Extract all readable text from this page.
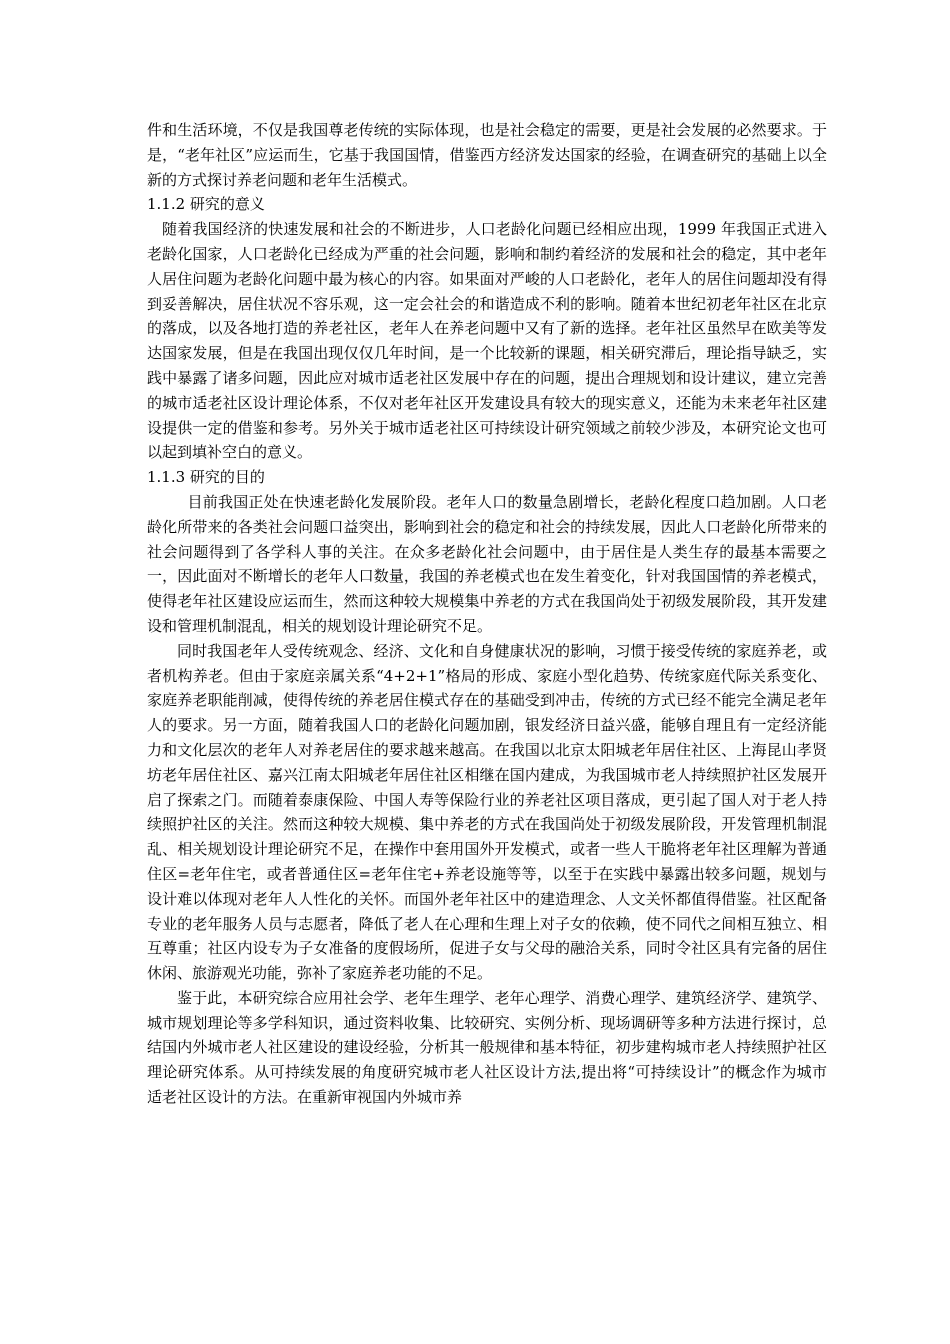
件和生活环境，不仅是我国尊老传统的实际体现，也是社会稳定的需要，更是社会发展的必然要求。于是，“老年社区”应运而生，它基于我国国情，借鉴西方经济发达国家的经验，在调查研究的基础上以全新的方式探讨养老问题和老年生活模式。

1.1.2 研究的意义

随着我国经济的快速发展和社会的不断进步，人口老龄化问题已经相应出现，1999 年我国正式进入老龄化国家，人口老龄化已经成为严重的社会问题，影响和制约着经济的发展和社会的稳定，其中老年人居住问题为老龄化问题中最为核心的内容。如果面对严峻的人口老龄化，老年人的居住问题却没有得到妥善解决，居住状况不容乐观，这一定会社会的和谐造成不利的影响。随着本世纪初老年社区在北京的落成，以及各地打造的养老社区，老年人在养老问题中又有了新的选择。老年社区虽然早在欧美等发达国家发展，但是在我国出现仅仅几年时间，是一个比较新的课题，相关研究滞后，理论指导缺乏，实践中暴露了诸多问题，因此应对城市适老社区发展中存在的问题，提出合理规划和设计建议，建立完善的城市适老社区设计理论体系，不仅对老年社区开发建设具有较大的现实意义，还能为未来老年社区建设提供一定的借鉴和参考。另外关于城市适老社区可持续设计研究领域之前较少涉及，本研究论文也可以起到填补空白的意义。

1.1.3 研究的目的

目前我国正处在快速老龄化发展阶段。老年人口的数量急剧增长，老龄化程度口趋加剧。人口老龄化所带来的各类社会问题口益突出，影响到社会的稳定和社会的持续发展，因此人口老龄化所带来的社会问题得到了各学科人事的关注。在众多老龄化社会问题中，由于居住是人类生存的最基本需要之一，因此面对不断增长的老年人口数量，我国的养老模式也在发生着变化，针对我国国情的养老模式，使得老年社区建设应运而生，然而这种较大规模集中养老的方式在我国尚处于初级发展阶段，其开发建设和管理机制混乱，相关的规划设计理论研究不足。

同时我国老年人受传统观念、经济、文化和自身健康状况的影响，习惯于接受传统的家庭养老，或者机构养老。但由于家庭亲属关系“4+2+1”格局的形成、家庭小型化趋势、传统家庭代际关系变化、家庭养老职能削减，使得传统的养老居住模式存在的基础受到冲击，传统的方式已经不能完全满足老年人的要求。另一方面，随着我国人口的老龄化问题加剧，银发经济日益兴盛，能够自理且有一定经济能力和文化层次的老年人对养老居住的要求越来越高。在我国以北京太阳城老年居住社区、上海昆山孝贤坊老年居住社区、嘉兴江南太阳城老年居住社区相继在国内建成，为我国城市老人持续照护社区发展开启了探索之门。而随着泰康保险、中国人寿等保险行业的养老社区项目落成，更引起了国人对于老人持续照护社区的关注。然而这种较大规模、集中养老的方式在我国尚处于初级发展阶段，开发管理机制混乱、相关规划设计理论研究不足，在操作中套用国外开发模式，或者一些人干脆将老年社区理解为普通住区=老年住宅，或者普通住区=老年住宅+养老设施等等，以至于在实践中暴露出较多问题，规划与设计难以体现对老年人人性化的关怀。而国外老年社区中的建造理念、人文关怀都值得借鉴。社区配备专业的老年服务人员与志愿者，降低了老人在心理和生理上对子女的依赖，使不同代之间相互独立、相互尊重；社区内设专为子女准备的度假场所，促进子女与父母的融洽关系，同时令社区具有完备的居住休闲、旅游观光功能，弥补了家庭养老功能的不足。

鉴于此，本研究综合应用社会学、老年生理学、老年心理学、消费心理学、建筑经济学、建筑学、城市规划理论等多学科知识，通过资料收集、比较研究、实例分析、现场调研等多种方法进行探讨，总结国内外城市老人社区建设的建设经验，分析其一般规律和基本特征，初步建构城市老人持续照护社区理论研究体系。从可持续发展的角度研究城市老人社区设计方法,提出将“可持续设计”的概念作为城市适老社区设计的方法。在重新审视国内外城市养
